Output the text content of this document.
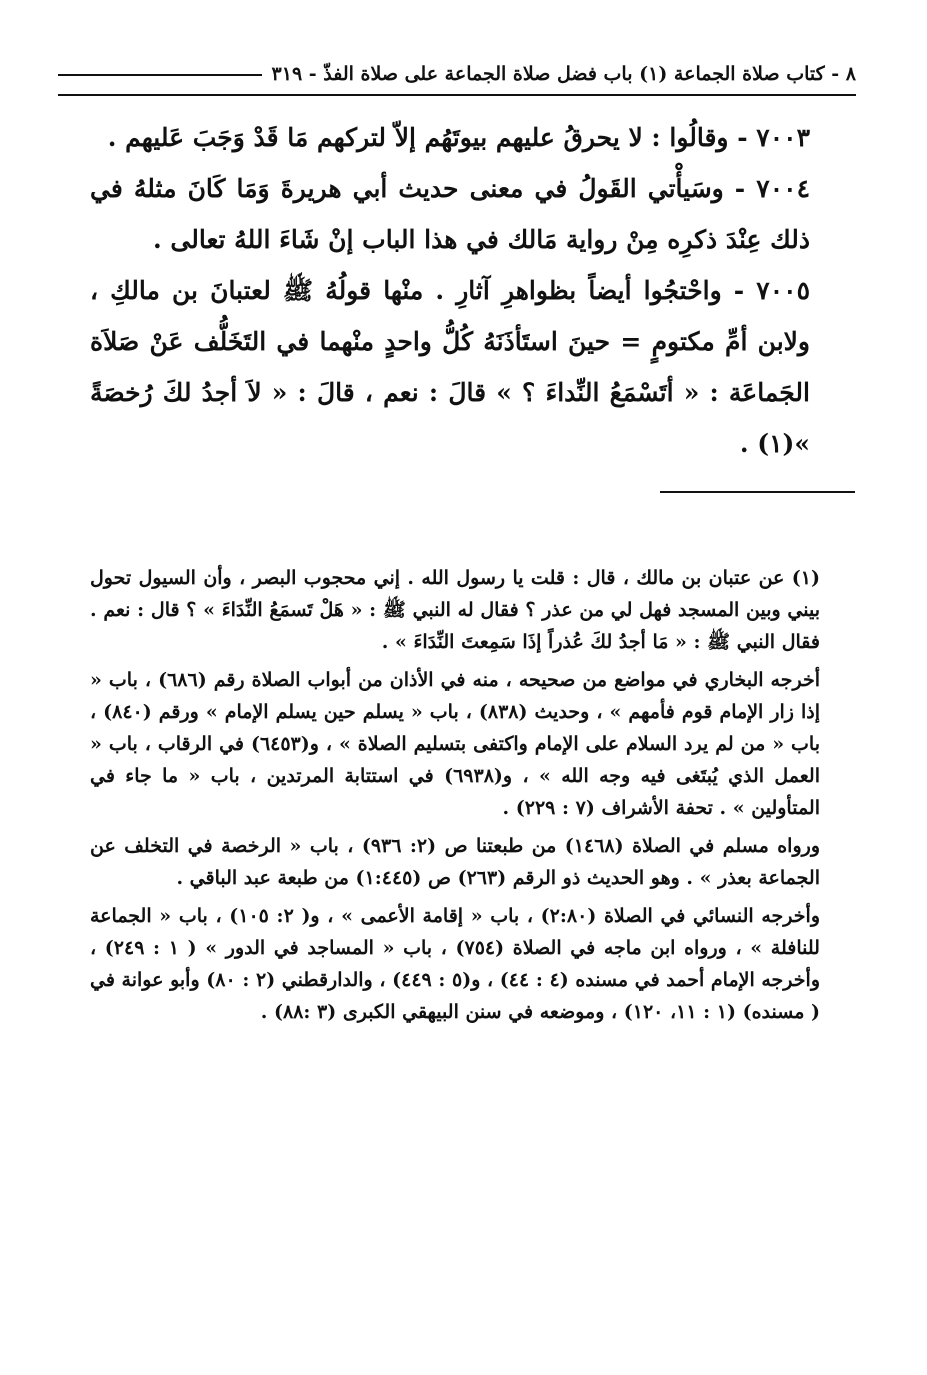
٨ - كتاب صلاة الجماعة (١) باب فضل صلاة الجماعة على صلاة الفذّ - ٣١٩

٧٠٠٣ - وقالُوا : لا يحرقُ عليهم بيوتَهُم إلاّ لتركهم مَا قَدْ وَجَبَ عَليهم .

٧٠٠٤ - وسَيأْتي القَولُ في معنى حديث أبي هريرةَ وَمَا كَانَ مثلهُ في ذلك عِنْدَ ذكرِه مِنْ رواية مَالك في هذا الباب إنْ شَاءَ اللهُ تعالى .

٧٠٠٥ - واحْتجُوا أيضاً بظواهرِ آثارِ . منْها قولُهُ ﷺ لعتبانَ بن مالكِ ، ولابن أمِّ مكتومٍ = حينَ استَأذَنَهُ كُلُّ واحدٍ منْهما في التَخَلُّف عَنْ صَلاَة الجَماعَة : « أتَسْمَعُ النِّداءَ ؟ » قالَ : نعم ، قالَ : « لاَ أجدُ لكَ رُخصَةً »(١) .

(١) عن عتبان بن مالك ، قال : قلت يا رسول الله . إني محجوب البصر ، وأن السيول تحول بيني وبين المسجد فهل لي من عذر ؟ فقال له النبي ﷺ : « هَلْ تَسمَعُ النِّدَاءَ » ؟ قال : نعم . فقال النبي ﷺ : « مَا أجدُ لكَ عُذراً إذَا سَمِعتَ النِّدَاءَ » .

أخرجه البخاري في مواضع من صحيحه ، منه في الأذان من أبواب الصلاة رقم (٦٨٦) ، باب « إذا زار الإمام قوم فأمهم » ، وحديث (٨٣٨) ، باب « يسلم حين يسلم الإمام » ورقم (٨٤٠) ، باب « من لم يرد السلام على الإمام واكتفى بتسليم الصلاة » ، و(٦٤٥٣) في الرقاب ، باب « العمل الذي يُبتَغى فيه وجه الله » ، و(٦٩٣٨) في استتابة المرتدين ، باب « ما جاء في المتأولين » . تحفة الأشراف (٧ : ٢٢٩) .

ورواه مسلم في الصلاة (١٤٦٨) من طبعتنا ص (٢: ٩٣٦) ، باب « الرخصة في التخلف عن الجماعة بعذر » . وهو الحديث ذو الرقم (٢٦٣) ص (١:٤٤٥) من طبعة عبد الباقي .

وأخرجه النسائي في الصلاة (٢:٨٠) ، باب « إقامة الأعمى » ، و( ٢: ١٠٥) ، باب « الجماعة للنافلة » ، ورواه ابن ماجه في الصلاة (٧٥٤) ، باب « المساجد في الدور » ( ١ : ٢٤٩) ، وأخرجه الإمام أحمد في مسنده (٤ : ٤٤) ، و(٥ : ٤٤٩) ، والدارقطني (٢ : ٨٠) وأبو عوانة في ( مسنده) (١ : ١١، ١٢٠) ، وموضعه في سنن البيهقي الكبرى (٣ :٨٨) .
